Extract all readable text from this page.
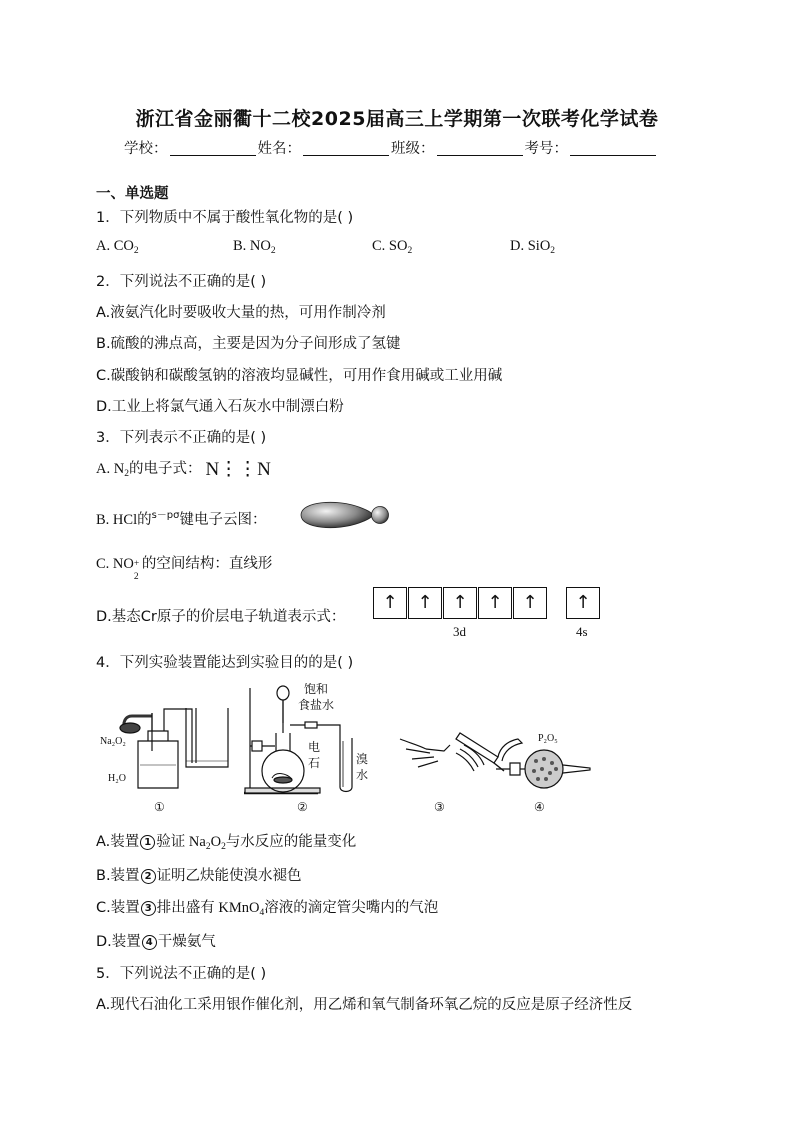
浙江省金丽衢十二校2025届高三上学期第一次联考化学试卷
学校：	姓名：	班级：	考号：
一、单选题
1．下列物质中不属于酸性氧化物的是( )
A. $CO_2$	B. $NO_2$	C. $SO_2$	D. SiO$_2$
2．下列说法不正确的是( )
A.液氨汽化时要吸收大量的热，可用作制冷剂
B.硫酸的沸点高，主要是因为分子间形成了氢键
C.碳酸钠和碳酸氢钠的溶液均显碱性，可用作食用碱或工业用碱
D.工业上将氯气通入石灰水中制漂白粉
3．下列表示不正确的是( )
A. $N_2$的电子式： N⋮⋮N
B. HCl的$^{s-p\sigma}$键电子云图：
C. NO +
2
的空间结构：直线形
D.基态Cr原子的价层电子轨道表示式：
↑	↑	↑	↑	↑	↑
3d	4s
4．下列实验装置能达到实验目的的是( )
Na₂O₂
H₂O
①
饱和
食盐水
电
石	溴
水
②	③
P₂O₅
④
A.装置 1 验证 $Na_2O_2$与水反应的能量变化
B.装置 2 证明乙炔能使溴水褪色
C.装置 3 排出盛有 KMnO$_4$溶液的滴定管尖嘴内的气泡
D.装置 4 干燥氨气
5．下列说法不正确的是( )
A.现代石油化工采用银作催化剂，用乙烯和氧气制备环氧乙烷的反应是原子经济性反
